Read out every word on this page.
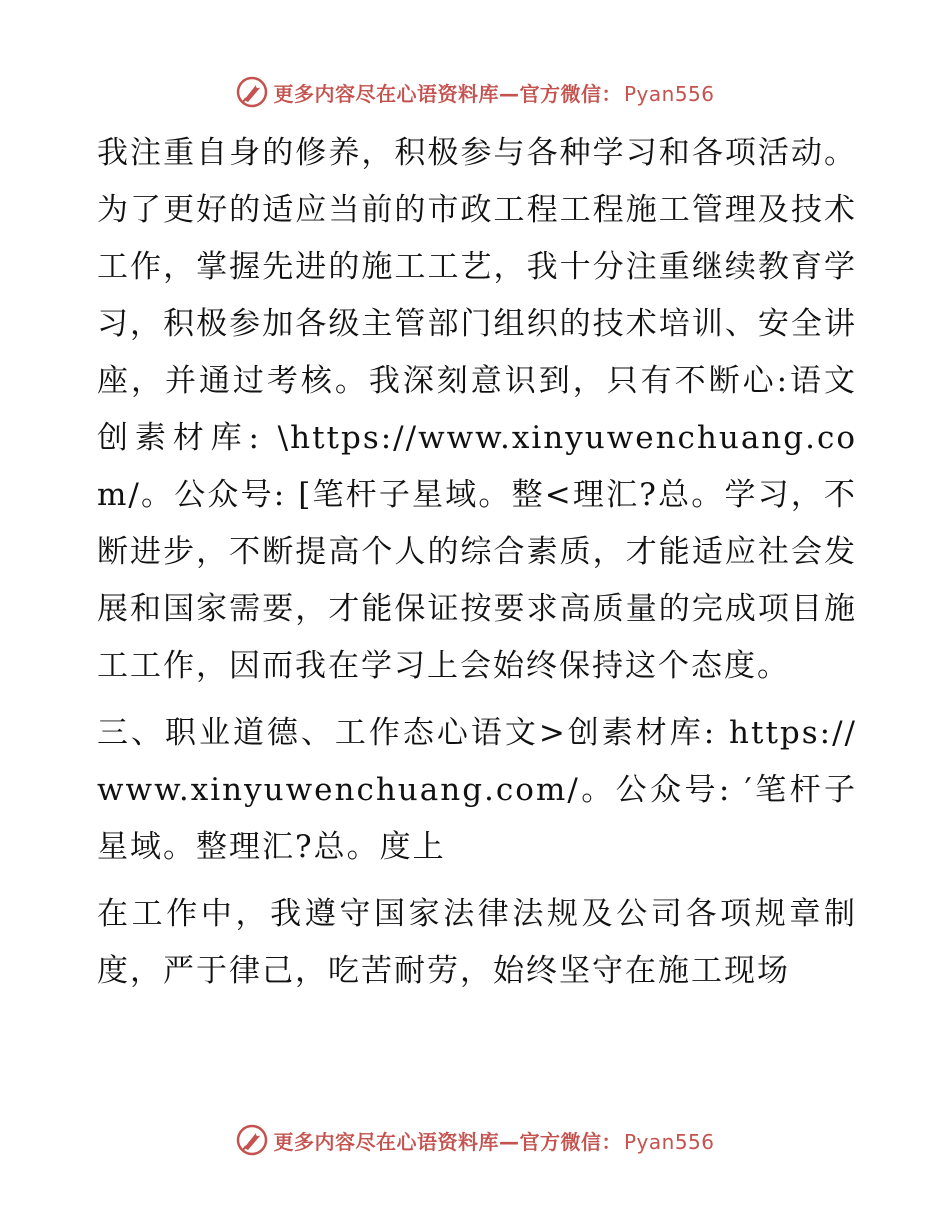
更多内容尽在心语资料库—官方微信： Pyan556

我注重自身的修养，积极参与各种学习和各项活动。为了更好的适应当前的市政工程工程施工管理及技术工作，掌握先进的施工工艺，我十分注重继续教育学习，积极参加各级主管部门组织的技术培训、安全讲座，并通过考核。我深刻意识到，只有不断心:语文创素材库: \https://www.xinyuwenchuang.com/。公众号: [笔杆子星域。整<理汇?总。学习，不断进步，不断提高个人的综合素质，才能适应社会发展和国家需要，才能保证按要求高质量的完成项目施工工作，因而我在学习上会始终保持这个态度。

三、职业道德、工作态心语文>创素材库: https://www.xinyuwenchuang.com/。公众号: ′笔杆子星域。整理汇?总。度上

在工作中，我遵守国家法律法规及公司各项规章制度，严于律己，吃苦耐劳，始终坚守在施工现场

更多内容尽在心语资料库—官方微信： Pyan556
